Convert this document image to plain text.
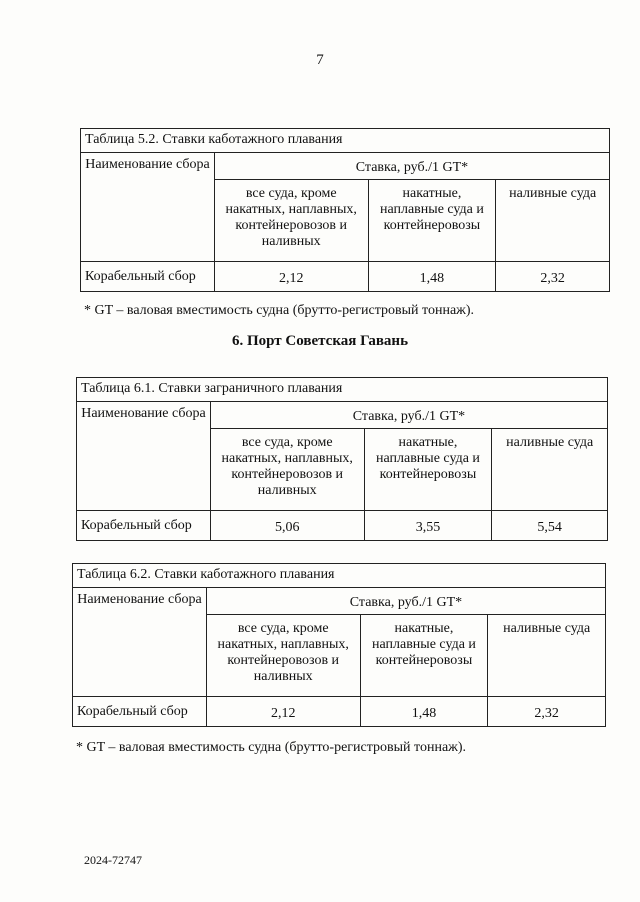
7
Таблица 5.2. Ставки каботажного плавания			
Наименование сбора	Ставка, руб./1 GT*		
	все суда, кроме накатных, наплавных, контейнеровозов и наливных	накатные, наплавные суда и контейнеровозы	наливные суда
Корабельный сбор	2,12	1,48	2,32
* GT – валовая вместимость судна (брутто-регистровый тоннаж).
6. Порт Советская Гавань
Таблица 6.1. Ставки заграничного плавания			
Наименование сбора	Ставка, руб./1 GT*		
	все суда, кроме накатных, наплавных, контейнеровозов и наливных	накатные, наплавные суда и контейнеровозы	наливные суда
Корабельный сбор	5,06	3,55	5,54
Таблица 6.2. Ставки каботажного плавания			
Наименование сбора	Ставка, руб./1 GT*		
	все суда, кроме накатных, наплавных, контейнеровозов и наливных	накатные, наплавные суда и контейнеровозы	наливные суда
Корабельный сбор	2,12	1,48	2,32
* GT – валовая вместимость судна (брутто-регистровый тоннаж).
2024-72747
